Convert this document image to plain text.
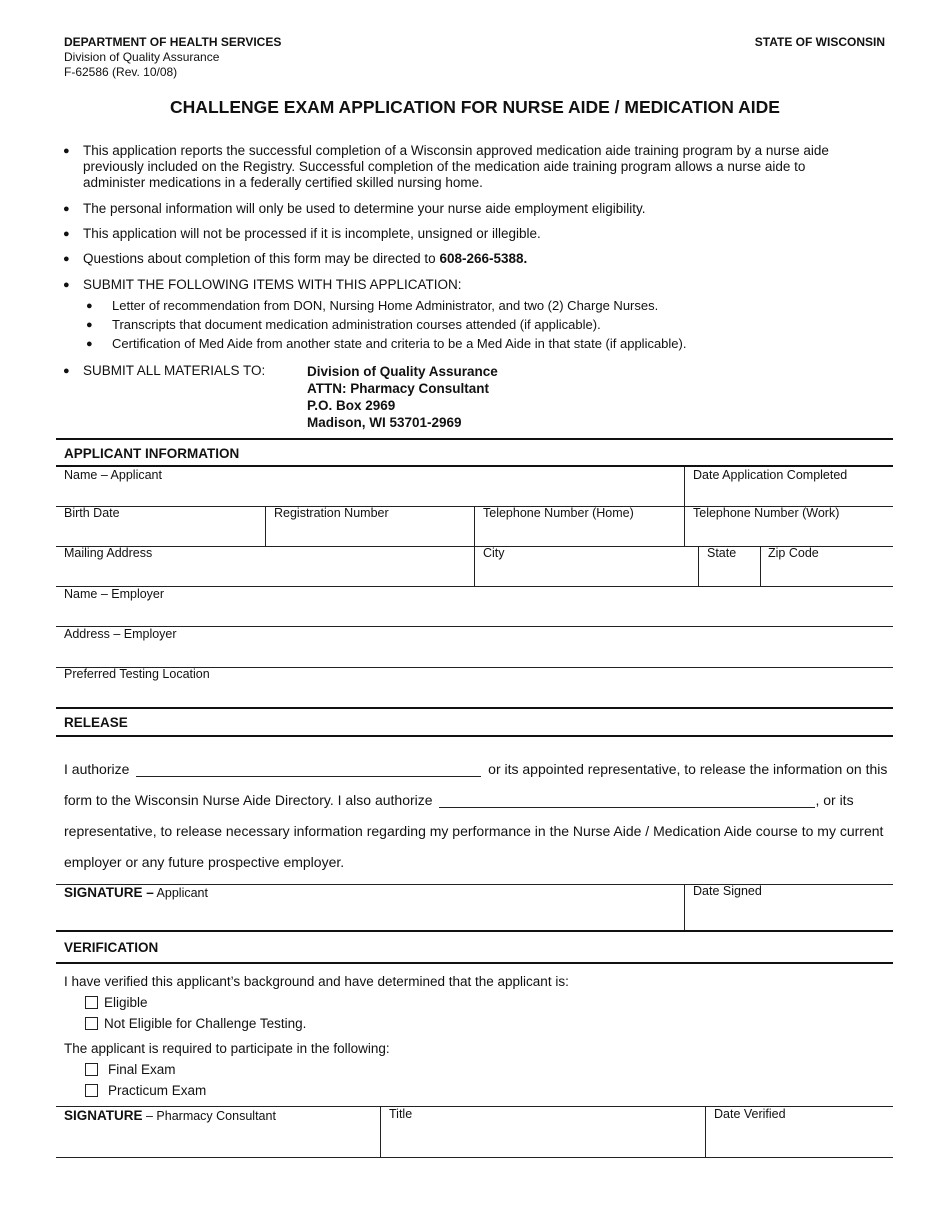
DEPARTMENT OF HEALTH SERVICES
Division of Quality Assurance
F-62586 (Rev. 10/08)
STATE OF WISCONSIN
CHALLENGE EXAM APPLICATION FOR NURSE AIDE / MEDICATION AIDE
● This application reports the successful completion of a Wisconsin approved medication aide training program by a nurse aide
previously included on the Registry. Successful completion of the medication aide training program allows a nurse aide to
administer medications in a federally certified skilled nursing home.
● The personal information will only be used to determine your nurse aide employment eligibility.
● This application will not be processed if it is incomplete, unsigned or illegible.
● Questions about completion of this form may be directed to 608-266-5388.
● SUBMIT THE FOLLOWING ITEMS WITH THIS APPLICATION:
● Letter of recommendation from DON, Nursing Home Administrator, and two (2) Charge Nurses.
● Transcripts that document medication administration courses attended (if applicable).
● Certification of Med Aide from another state and criteria to be a Med Aide in that state (if applicable).
● SUBMIT ALL MATERIALS TO:	Division of Quality Assurance
ATTN: Pharmacy Consultant
P.O. Box 2969
Madison, WI 53701-2969
APPLICANT INFORMATION
Name – Applicant	Date Application Completed
Birth Date	Registration Number	Telephone Number (Home)	Telephone Number (Work)
Mailing Address	City	State	Zip Code
Name – Employer
Address – Employer
Preferred Testing Location
RELEASE
I authorize	or its appointed representative, to release the information on this
form to the Wisconsin Nurse Aide Directory. I also authorize	, or its
representative, to release necessary information regarding my performance in the Nurse Aide / Medication Aide course to my current
employer or any future prospective employer.
SIGNATURE – Applicant	Date Signed
VERIFICATION
I have verified this applicant’s background and have determined that the applicant is:
Eligible
Not Eligible for Challenge Testing.
The applicant is required to participate in the following:
Final Exam
Practicum Exam
SIGNATURE – Pharmacy Consultant	Title	Date Verified
